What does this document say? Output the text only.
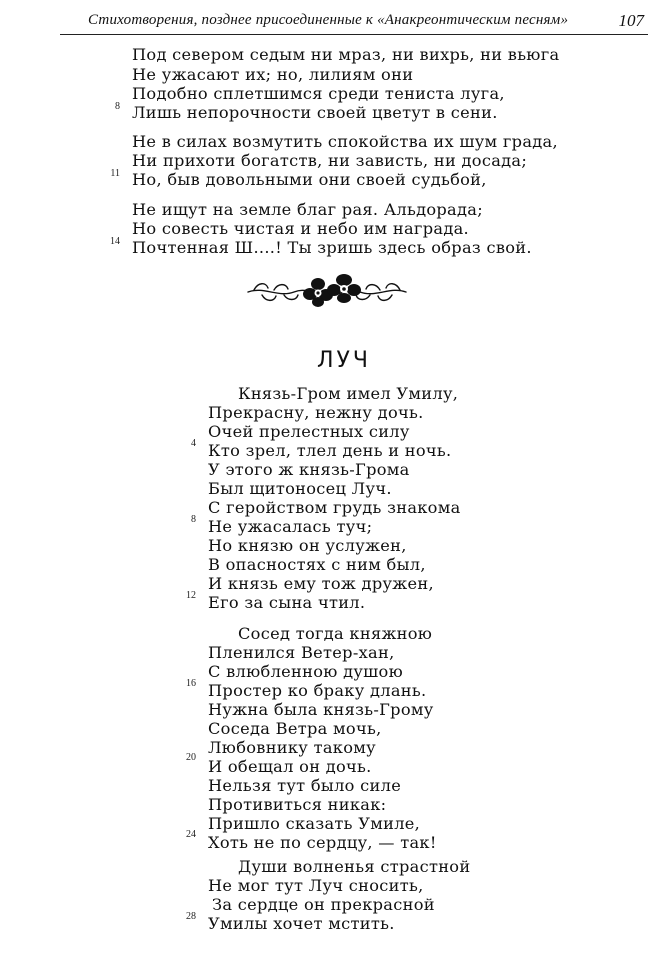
Стихотворения, позднее присоединенные к «Анакреонтическим песням»	107
Под севером седым ни мраз, ни вихрь, ни вьюга
Не ужасают их; но, лилиям они
Подобно сплетшимся среди тениста луга,
8 Лишь непорочности своей цветут в сени.
Не в силах возмутить спокойства их шум града,
Ни прихоти богатств, ни зависть, ни досада;
11 Но, быв довольными они своей судьбой,
Не ищут на земле благ рая. Альдорада;
Но совесть чистая и небо им награда.
14 Почтенная Ш....! Ты зришь здесь образ свой.
ЛУЧ
Князь-Гром имел Умилу,
Прекрасну, нежну дочь.
Очей прелестных силу
4 Кто зрел, тлел день и ночь.
У этого ж князь-Грома
Был щитоносец Луч.
С геройством грудь знакома
8 Не ужасалась туч;
Но князю он услужен,
В опасностях с ним был,
И князь ему тож дружен,
12 Его за сына чтил.
Сосед тогда княжною
Пленился Ветер-хан,
С влюбленною душою
16 Простер ко браку длань.
Нужна была князь-Грому
Соседа Ветра мочь,
Любовнику такому
20 И обещал он дочь.
Нельзя тут было силе
Противиться никак:
Пришло сказать Умиле,
24 Хоть не по сердцу, — так!
Души волненья страстной
Не мог тут Луч сносить,
За сердце он прекрасной
28 Умилы хочет мстить.
